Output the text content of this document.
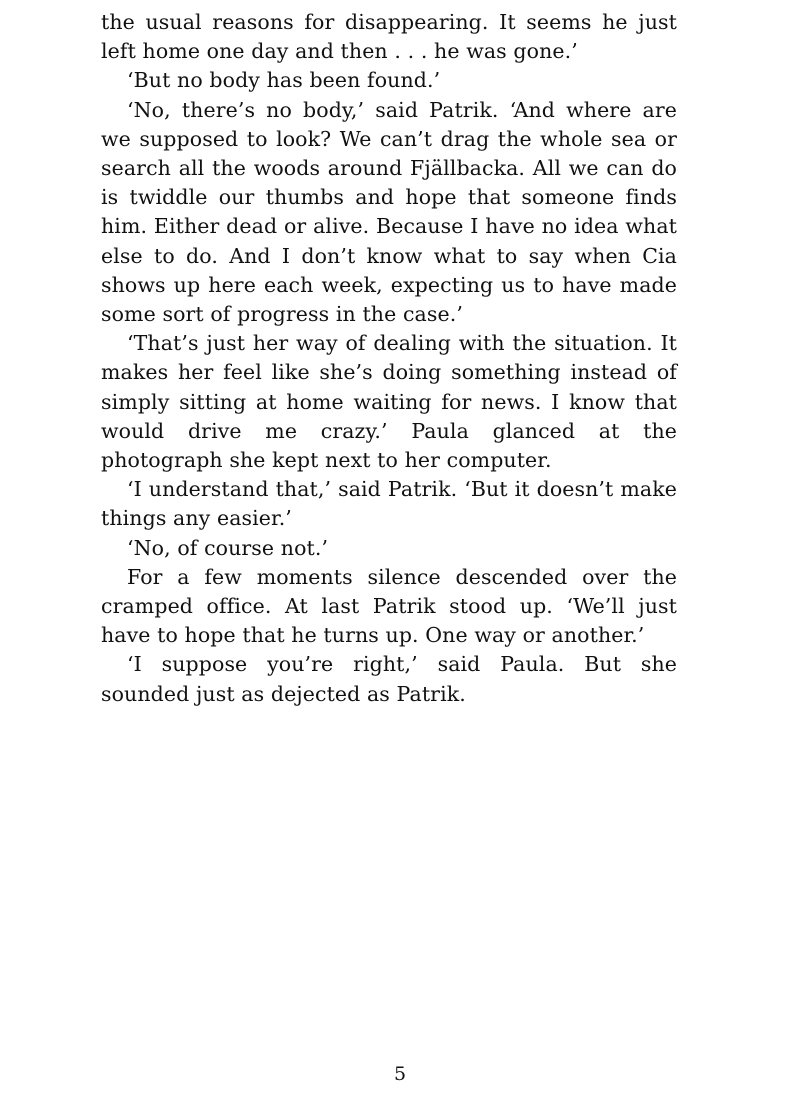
the usual reasons for disappearing. It seems he just left home one day and then . . . he was gone.’

‘But no body has been found.’

‘No, there’s no body,’ said Patrik. ‘And where are we supposed to look? We can’t drag the whole sea or search all the woods around Fjällbacka. All we can do is twiddle our thumbs and hope that someone finds him. Either dead or alive. Because I have no idea what else to do. And I don’t know what to say when Cia shows up here each week, expecting us to have made some sort of progress in the case.’

‘That’s just her way of dealing with the situation. It makes her feel like she’s doing something instead of simply sitting at home waiting for news. I know that would drive me crazy.’ Paula glanced at the photograph she kept next to her computer.

‘I understand that,’ said Patrik. ‘But it doesn’t make things any easier.’

‘No, of course not.’

For a few moments silence descended over the cramped office. At last Patrik stood up. ‘We’ll just have to hope that he turns up. One way or another.’

‘I suppose you’re right,’ said Paula. But she sounded just as dejected as Patrik.

5
